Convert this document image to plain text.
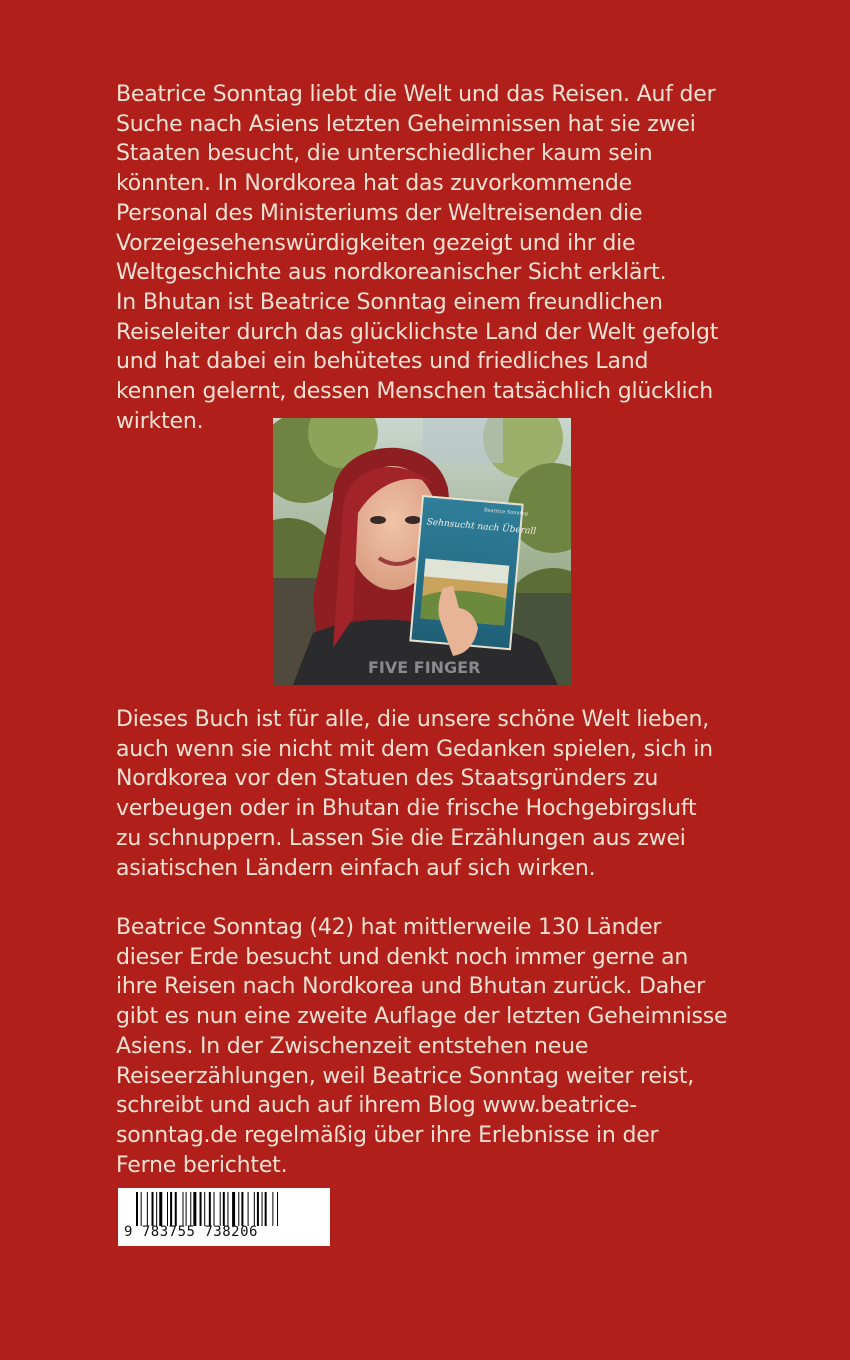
Beatrice Sonntag liebt die Welt und das Reisen. Auf der
Suche nach Asiens letzten Geheimnissen hat sie zwei
Staaten besucht, die unterschiedlicher kaum sein
könnten. In Nordkorea hat das zuvorkommende
Personal des Ministeriums der Weltreisenden die
Vorzeigesehenswürdigkeiten gezeigt und ihr die
Weltgeschichte aus nordkoreanischer Sicht erklärt.
In Bhutan ist Beatrice Sonntag einem freundlichen
Reiseleiter durch das glücklichste Land der Welt gefolgt
und hat dabei ein behütetes und friedliches Land
kennen gelernt, dessen Menschen tatsächlich glücklich
wirkten.
FIVE FINGER
Sehnsucht nach Überall
Beatrice Sonntag
Dieses Buch ist für alle, die unsere schöne Welt lieben,
auch wenn sie nicht mit dem Gedanken spielen, sich in
Nordkorea vor den Statuen des Staatsgründers zu
verbeugen oder in Bhutan die frische Hochgebirgsluft
zu schnuppern. Lassen Sie die Erzählungen aus zwei
asiatischen Ländern einfach auf sich wirken.
Beatrice Sonntag (42) hat mittlerweile 130 Länder
dieser Erde besucht und denkt noch immer gerne an
ihre Reisen nach Nordkorea und Bhutan zurück. Daher
gibt es nun eine zweite Auflage der letzten Geheimnisse
Asiens. In der Zwischenzeit entstehen neue
Reiseerzählungen, weil Beatrice Sonntag weiter reist,
schreibt und auch auf ihrem Blog www.beatrice-
sonntag.de regelmäßig über ihre Erlebnisse in der
Ferne berichtet.
9 783755 738206
